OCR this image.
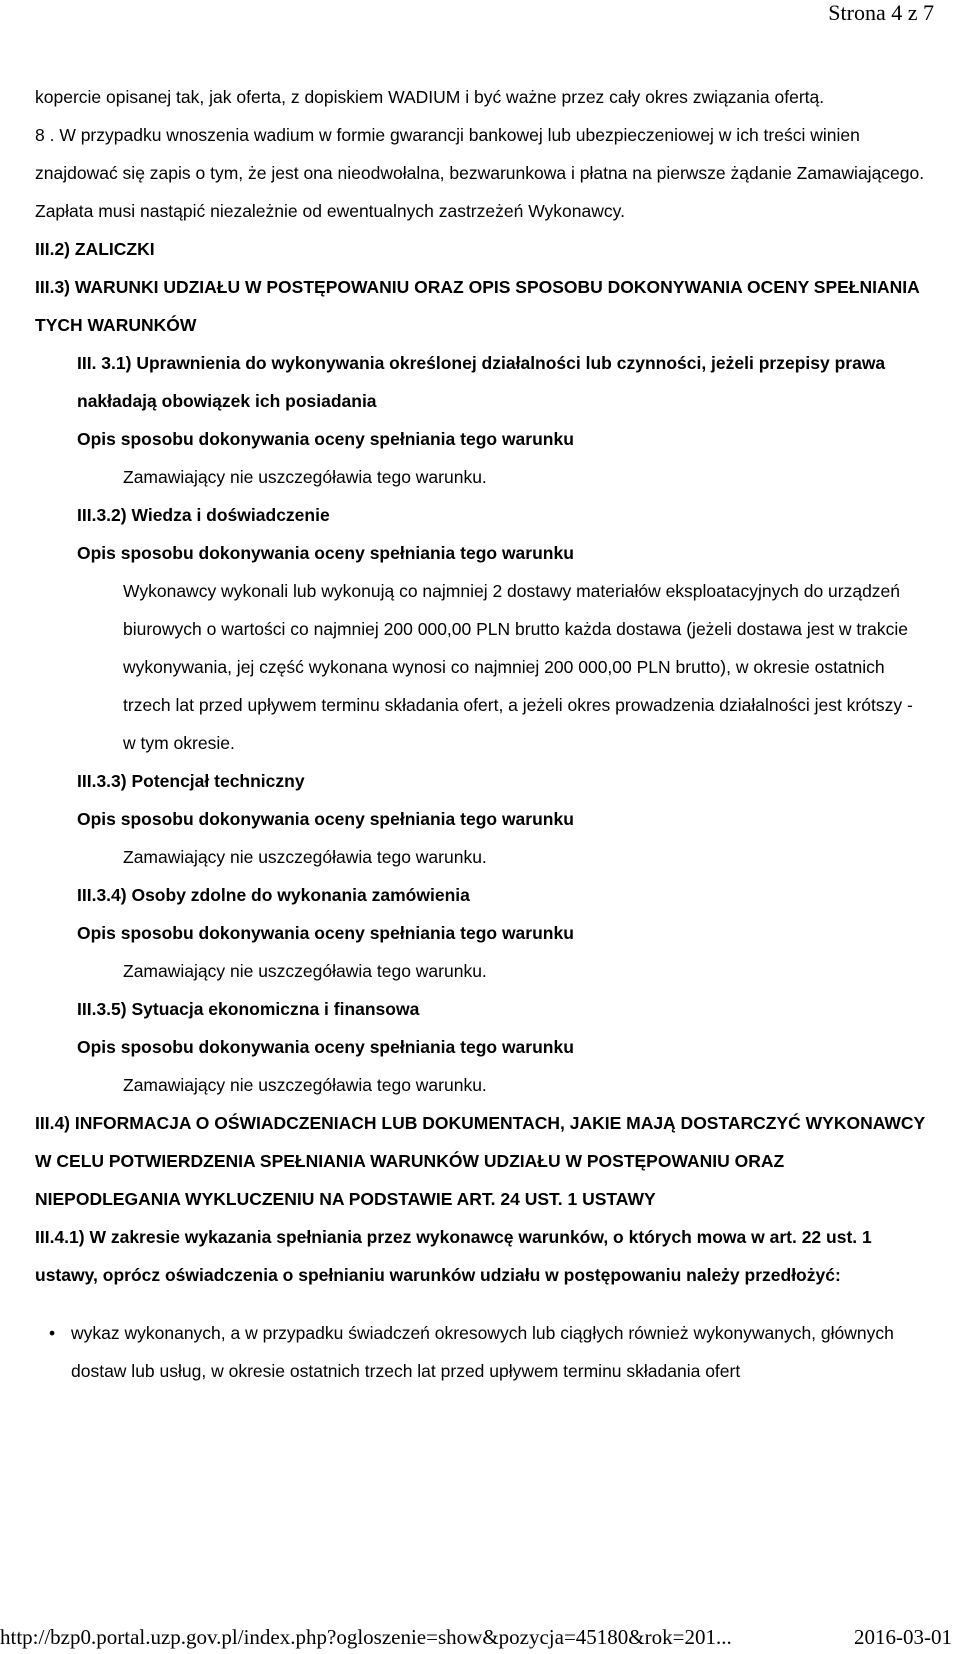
Strona 4 z 7

kopercie opisanej tak, jak oferta, z dopiskiem WADIUM i być ważne przez cały okres związania ofertą.

8 . W przypadku wnoszenia wadium w formie gwarancji bankowej lub ubezpieczeniowej w ich treści winien znajdować się zapis o tym, że jest ona nieodwołalna, bezwarunkowa i płatna na pierwsze żądanie Zamawiającego. Zapłata musi nastąpić niezależnie od ewentualnych zastrzeżeń Wykonawcy.

III.2) ZALICZKI

III.3) WARUNKI UDZIAŁU W POSTĘPOWANIU ORAZ OPIS SPOSOBU DOKONYWANIA OCENY SPEŁNIANIA TYCH WARUNKÓW

III. 3.1) Uprawnienia do wykonywania określonej działalności lub czynności, jeżeli przepisy prawa nakładają obowiązek ich posiadania

Opis sposobu dokonywania oceny spełniania tego warunku

Zamawiający nie uszczegóławia tego warunku.

III.3.2) Wiedza i doświadczenie

Opis sposobu dokonywania oceny spełniania tego warunku

Wykonawcy wykonali lub wykonują co najmniej 2 dostawy materiałów eksploatacyjnych do urządzeń biurowych o wartości co najmniej 200 000,00 PLN brutto każda dostawa (jeżeli dostawa jest w trakcie wykonywania, jej część wykonana wynosi co najmniej 200 000,00 PLN brutto), w okresie ostatnich trzech lat przed upływem terminu składania ofert, a jeżeli okres prowadzenia działalności jest krótszy - w tym okresie.

III.3.3) Potencjał techniczny

Opis sposobu dokonywania oceny spełniania tego warunku

Zamawiający nie uszczegóławia tego warunku.

III.3.4) Osoby zdolne do wykonania zamówienia

Opis sposobu dokonywania oceny spełniania tego warunku

Zamawiający nie uszczegóławia tego warunku.

III.3.5) Sytuacja ekonomiczna i finansowa

Opis sposobu dokonywania oceny spełniania tego warunku

Zamawiający nie uszczegóławia tego warunku.

III.4) INFORMACJA O OŚWIADCZENIACH LUB DOKUMENTACH, JAKIE MAJĄ DOSTARCZYĆ WYKONAWCY W CELU POTWIERDZENIA SPEŁNIANIA WARUNKÓW UDZIAŁU W POSTĘPOWANIU ORAZ NIEPODLEGANIA WYKLUCZENIU NA PODSTAWIE ART. 24 UST. 1 USTAWY

III.4.1) W zakresie wykazania spełniania przez wykonawcę warunków, o których mowa w art. 22 ust. 1 ustawy, oprócz oświadczenia o spełnianiu warunków udziału w postępowaniu należy przedłożyć:

• wykaz wykonanych, a w przypadku świadczeń okresowych lub ciągłych również wykonywanych, głównych dostaw lub usług, w okresie ostatnich trzech lat przed upływem terminu składania ofert
http://bzp0.portal.uzp.gov.pl/index.php?ogloszenie=show&pozycja=45180&rok=201...	2016-03-01
